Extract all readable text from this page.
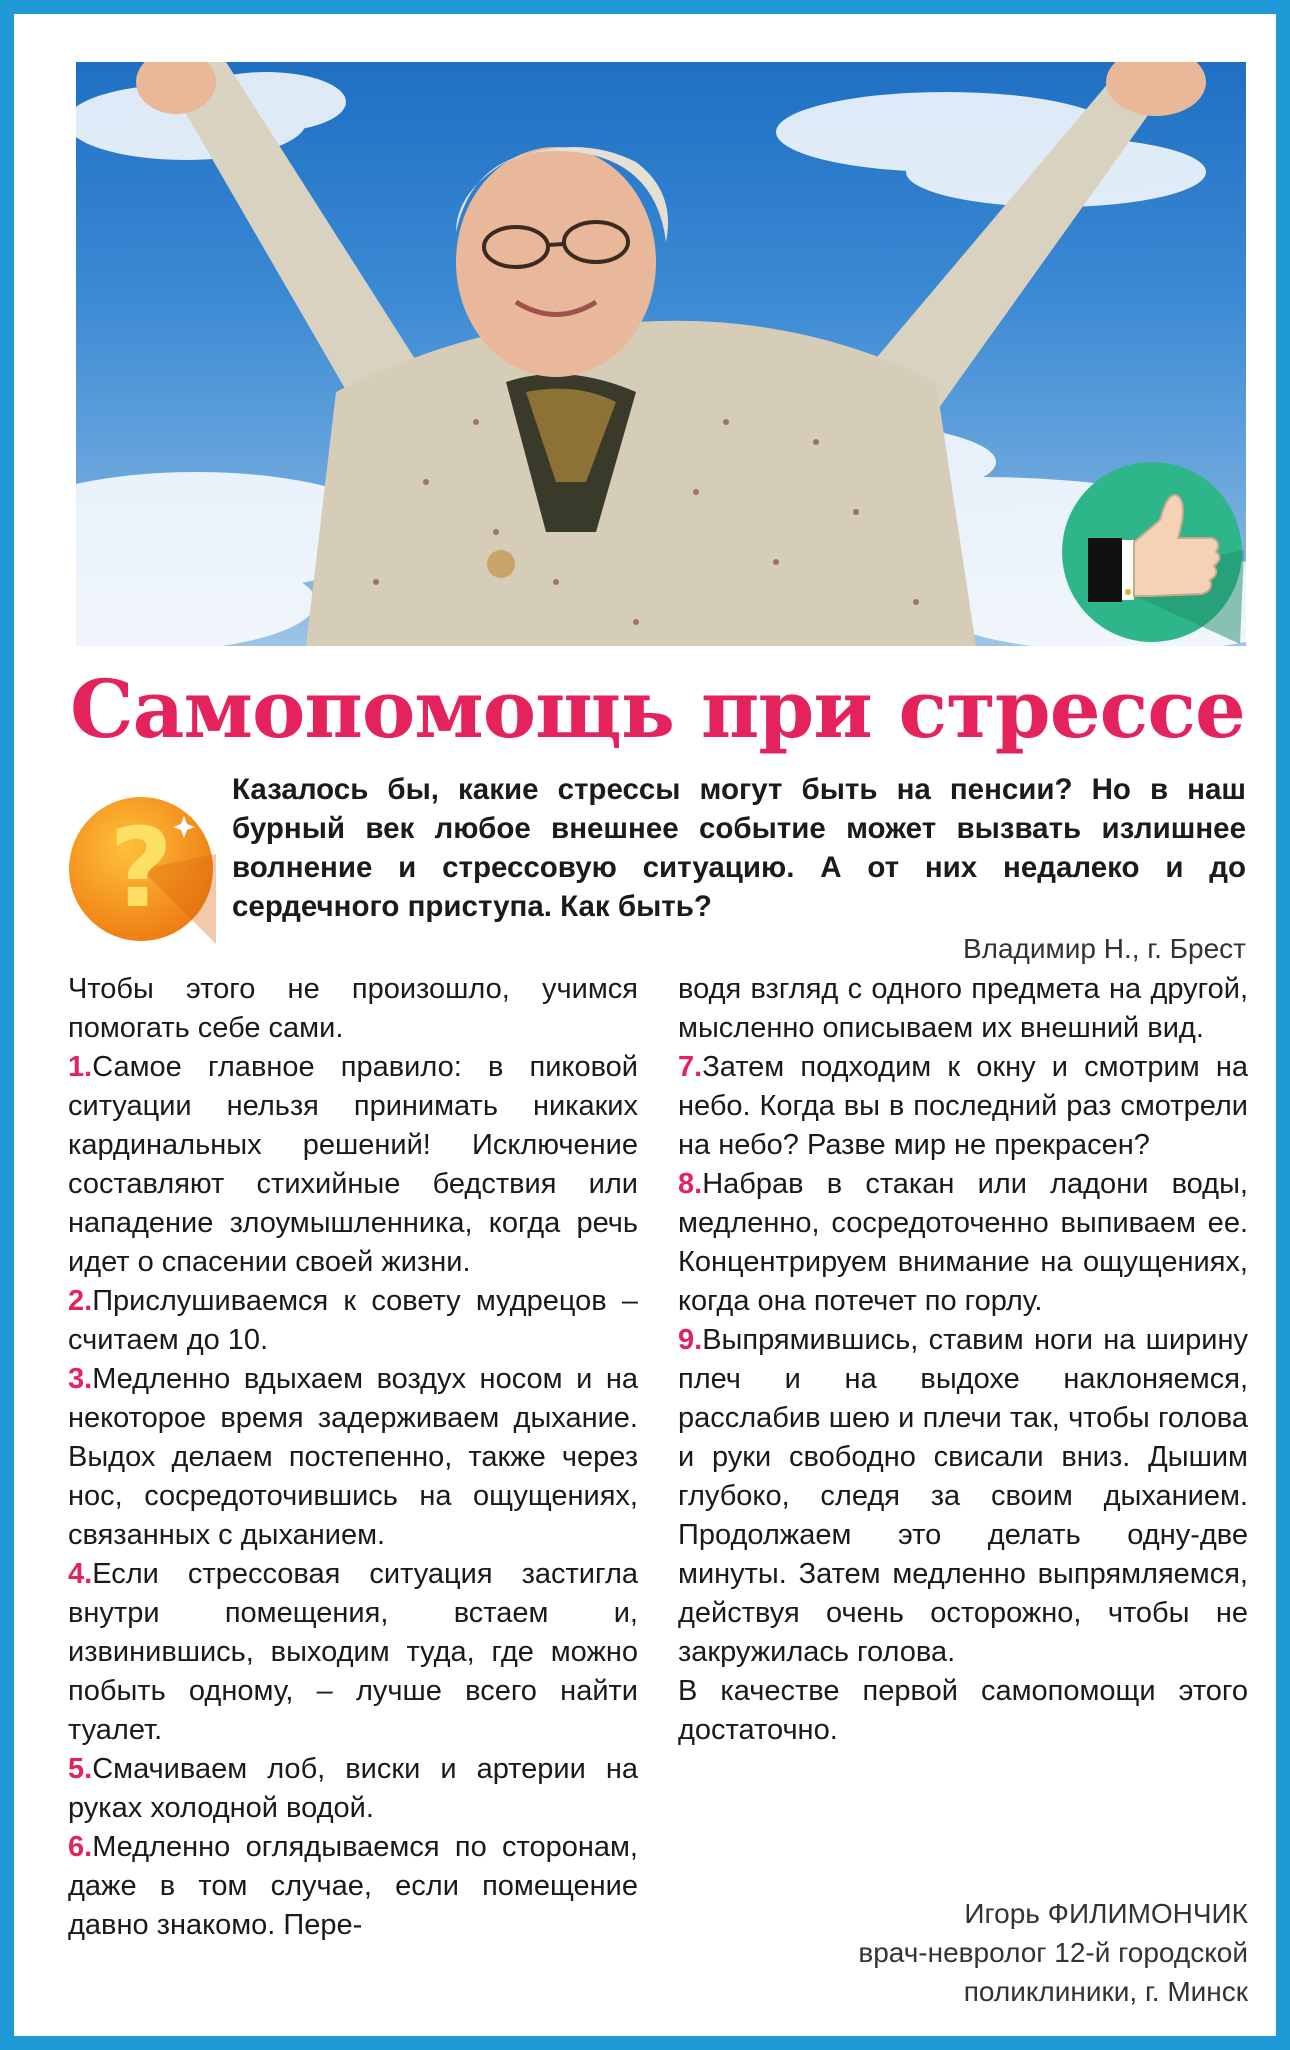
Самопомощь при стрессе
?
Казалось бы, какие стрессы могут быть на пенсии? Но в наш бурный век любое внешнее событие может вызвать излишнее волнение и стрессовую ситуацию. А от них недалеко и до сердечного приступа. Как быть?
Владимир Н., г. Брест

Чтобы этого не произошло, учимся помогать себе сами.

1.Самое главное правило: в пиковой ситуации нельзя принимать никаких кардинальных решений! Исключение составляют стихийные бедствия или нападение злоумышленника, когда речь идет о спасении своей жизни.

2.Прислушиваемся к совету мудрецов – считаем до 10.

3.Медленно вдыхаем воздух носом и на некоторое время задерживаем дыхание. Выдох делаем постепенно, также через нос, сосредоточившись на ощущениях, связанных с дыханием.

4.Если стрессовая ситуация застигла внутри помещения, встаем и, извинившись, выходим туда, где можно побыть одному, – лучше всего найти туалет.

5.Смачиваем лоб, виски и артерии на руках холодной водой.

6.Медленно оглядываемся по сторонам, даже в том случае, если помещение давно знакомо. Пере-

водя взгляд с одного предмета на другой, мысленно описываем их внешний вид.

7.Затем подходим к окну и смотрим на небо. Когда вы в последний раз смотрели на небо? Разве мир не прекрасен?

8.Набрав в стакан или ладони воды, медленно, сосредоточенно выпиваем ее. Концентрируем внимание на ощущениях, когда она потечет по горлу.

9.Выпрямившись, ставим ноги на ширину плеч и на выдохе наклоняемся, расслабив шею и плечи так, чтобы голова и руки свободно свисали вниз. Дышим глубоко, следя за своим дыханием. Продолжаем это делать одну-две минуты. Затем медленно выпрямляемся, действуя очень осторожно, чтобы не закружилась голова.

В качестве первой самопомощи этого достаточно.

Игорь ФИЛИМОНЧИК
врач-невролог 12-й городской поликлиники, г. Минск
